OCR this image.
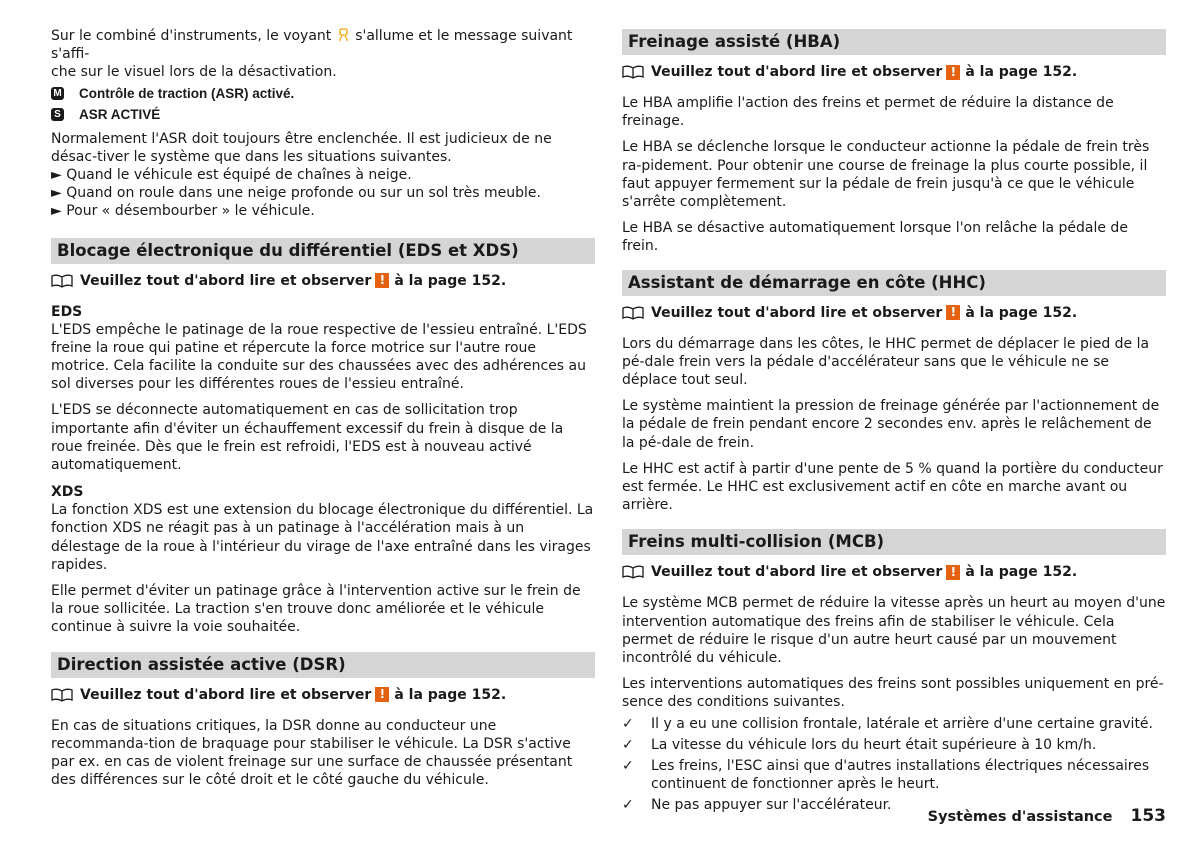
Sur le combiné d'instruments, le voyant s'allume et le message suivant s'affi-
che sur le visuel lors de la désactivation.

M Contrôle de traction (ASR) activé.
S ASR ACTIVÉ

Normalement l'ASR doit toujours être enclenchée. Il est judicieux de ne désac-tiver le système que dans les situations suivantes.

► Quand le véhicule est équipé de chaînes à neige.
► Quand on roule dans une neige profonde ou sur un sol très meuble.
► Pour « désembourber » le véhicule.
Blocage électronique du différentiel (EDS et XDS)
Veuillez tout d'abord lire et observer ! à la page 152.
EDS

L'EDS empêche le patinage de la roue respective de l'essieu entraîné. L'EDS freine la roue qui patine et répercute la force motrice sur l'autre roue motrice. Cela facilite la conduite sur des chaussées avec des adhérences au sol diverses pour les différentes roues de l'essieu entraîné.

L'EDS se déconnecte automatiquement en cas de sollicitation trop importante afin d'éviter un échauffement excessif du frein à disque de la roue freinée. Dès que le frein est refroidi, l'EDS est à nouveau activé automatiquement.

XDS

La fonction XDS est une extension du blocage électronique du différentiel. La fonction XDS ne réagit pas à un patinage à l'accélération mais à un délestage de la roue à l'intérieur du virage de l'axe entraîné dans les virages rapides.

Elle permet d'éviter un patinage grâce à l'intervention active sur le frein de la roue sollicitée. La traction s'en trouve donc améliorée et le véhicule continue à suivre la voie souhaitée.

Direction assistée active (DSR)
Veuillez tout d'abord lire et observer ! à la page 152.

En cas de situations critiques, la DSR donne au conducteur une recommanda-tion de braquage pour stabiliser le véhicule. La DSR s'active par ex. en cas de violent freinage sur une surface de chaussée présentant des différences sur le côté droit et le côté gauche du véhicule.

Freinage assisté (HBA)
Veuillez tout d'abord lire et observer ! à la page 152.

Le HBA amplifie l'action des freins et permet de réduire la distance de freinage.

Le HBA se déclenche lorsque le conducteur actionne la pédale de frein très ra-pidement. Pour obtenir une course de freinage la plus courte possible, il faut appuyer fermement sur la pédale de frein jusqu'à ce que le véhicule s'arrête complètement.

Le HBA se désactive automatiquement lorsque l'on relâche la pédale de frein.

Assistant de démarrage en côte (HHC)
Veuillez tout d'abord lire et observer ! à la page 152.

Lors du démarrage dans les côtes, le HHC permet de déplacer le pied de la pé-dale frein vers la pédale d'accélérateur sans que le véhicule ne se déplace tout seul.

Le système maintient la pression de freinage générée par l'actionnement de la pédale de frein pendant encore 2 secondes env. après le relâchement de la pé-dale de frein.

Le HHC est actif à partir d'une pente de 5 % quand la portière du conducteur est fermée. Le HHC est exclusivement actif en côte en marche avant ou arrière.

Freins multi-collision (MCB)
Veuillez tout d'abord lire et observer ! à la page 152.

Le système MCB permet de réduire la vitesse après un heurt au moyen d'une intervention automatique des freins afin de stabiliser le véhicule. Cela permet de réduire le risque d'un autre heurt causé par un mouvement incontrôlé du véhicule.

Les interventions automatiques des freins sont possibles uniquement en pré-sence des conditions suivantes.

✓	Il y a eu une collision frontale, latérale et arrière d'une certaine gravité.
✓	La vitesse du véhicule lors du heurt était supérieure à 10 km/h.
✓	Les freins, l'ESC ainsi que d'autres installations électriques nécessaires continuent de fonctionner après le heurt.
✓	Ne pas appuyer sur l'accélérateur.
Systèmes d'assistance 153
